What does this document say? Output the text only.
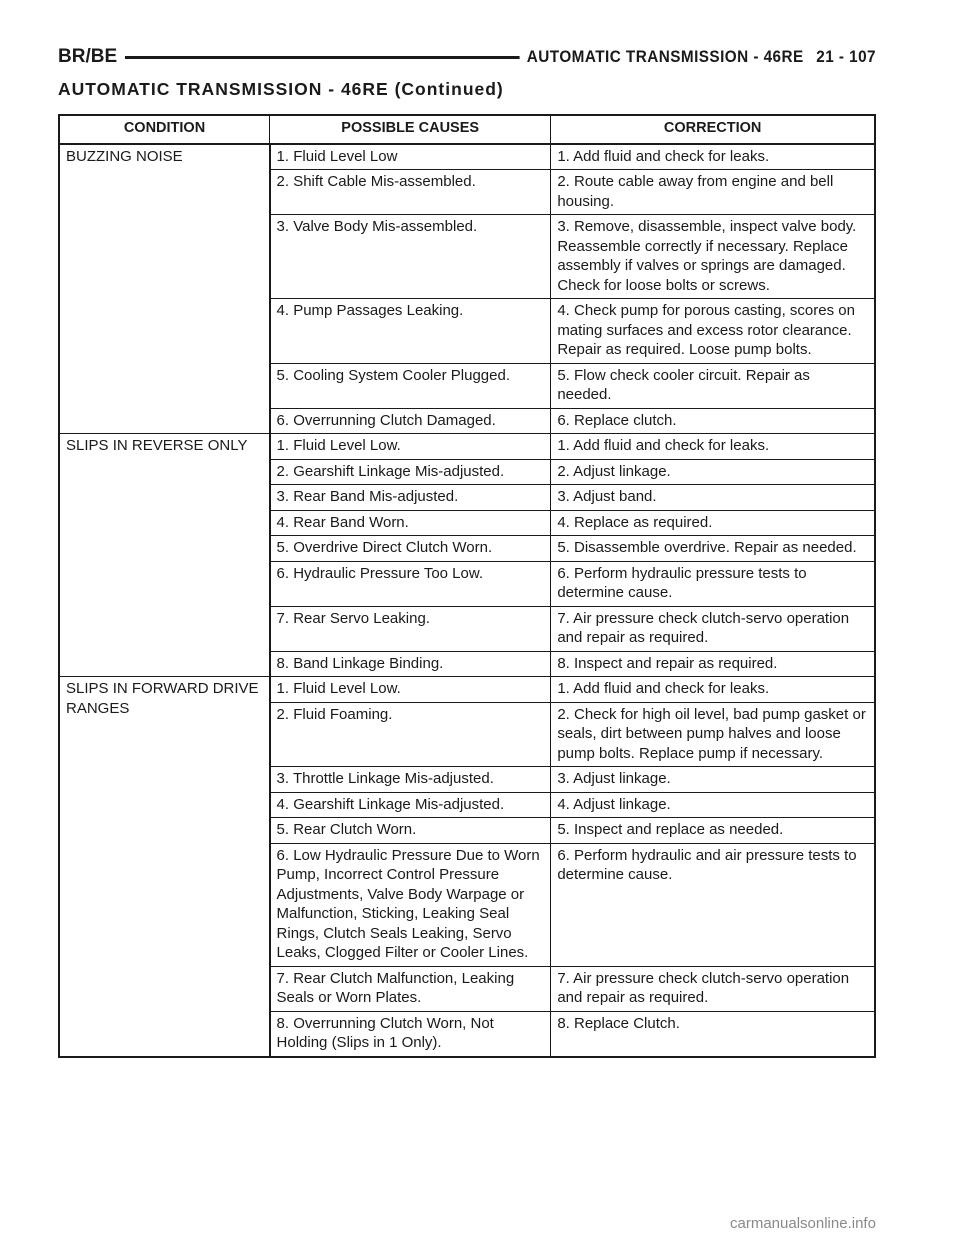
BR/BE	AUTOMATIC TRANSMISSION - 46RE 21 - 107
AUTOMATIC TRANSMISSION - 46RE (Continued)
CONDITION	POSSIBLE CAUSES	CORRECTION
BUZZING NOISE	1. Fluid Level Low	1. Add fluid and check for leaks.
	2. Shift Cable Mis-assembled.	2. Route cable away from engine and bell housing.
	3. Valve Body Mis-assembled.	3. Remove, disassemble, inspect valve body. Reassemble correctly if necessary. Replace assembly if valves or springs are damaged. Check for loose bolts or screws.
	4. Pump Passages Leaking.	4. Check pump for porous casting, scores on mating surfaces and excess rotor clearance. Repair as required. Loose pump bolts.
	5. Cooling System Cooler Plugged.	5. Flow check cooler circuit. Repair as needed.
	6. Overrunning Clutch Damaged.	6. Replace clutch.
SLIPS IN REVERSE ONLY	1. Fluid Level Low.	1. Add fluid and check for leaks.
	2. Gearshift Linkage Mis-adjusted.	2. Adjust linkage.
	3. Rear Band Mis-adjusted.	3. Adjust band.
	4. Rear Band Worn.	4. Replace as required.
	5. Overdrive Direct Clutch Worn.	5. Disassemble overdrive. Repair as needed.
	6. Hydraulic Pressure Too Low.	6. Perform hydraulic pressure tests to determine cause.
	7. Rear Servo Leaking.	7. Air pressure check clutch-servo operation and repair as required.
	8. Band Linkage Binding.	8. Inspect and repair as required.
SLIPS IN FORWARD DRIVE RANGES	1. Fluid Level Low.	1. Add fluid and check for leaks.
	2. Fluid Foaming.	2. Check for high oil level, bad pump gasket or seals, dirt between pump halves and loose pump bolts. Replace pump if necessary.
	3. Throttle Linkage Mis-adjusted.	3. Adjust linkage.
	4. Gearshift Linkage Mis-adjusted.	4. Adjust linkage.
	5. Rear Clutch Worn.	5. Inspect and replace as needed.
	6. Low Hydraulic Pressure Due to Worn Pump, Incorrect Control Pressure Adjustments, Valve Body Warpage or Malfunction, Sticking, Leaking Seal Rings, Clutch Seals Leaking, Servo Leaks, Clogged Filter or Cooler Lines.	6. Perform hydraulic and air pressure tests to determine cause.
	7. Rear Clutch Malfunction, Leaking Seals or Worn Plates.	7. Air pressure check clutch-servo operation and repair as required.
	8. Overrunning Clutch Worn, Not Holding (Slips in 1 Only).	8. Replace Clutch.
carmanualsonline.info
